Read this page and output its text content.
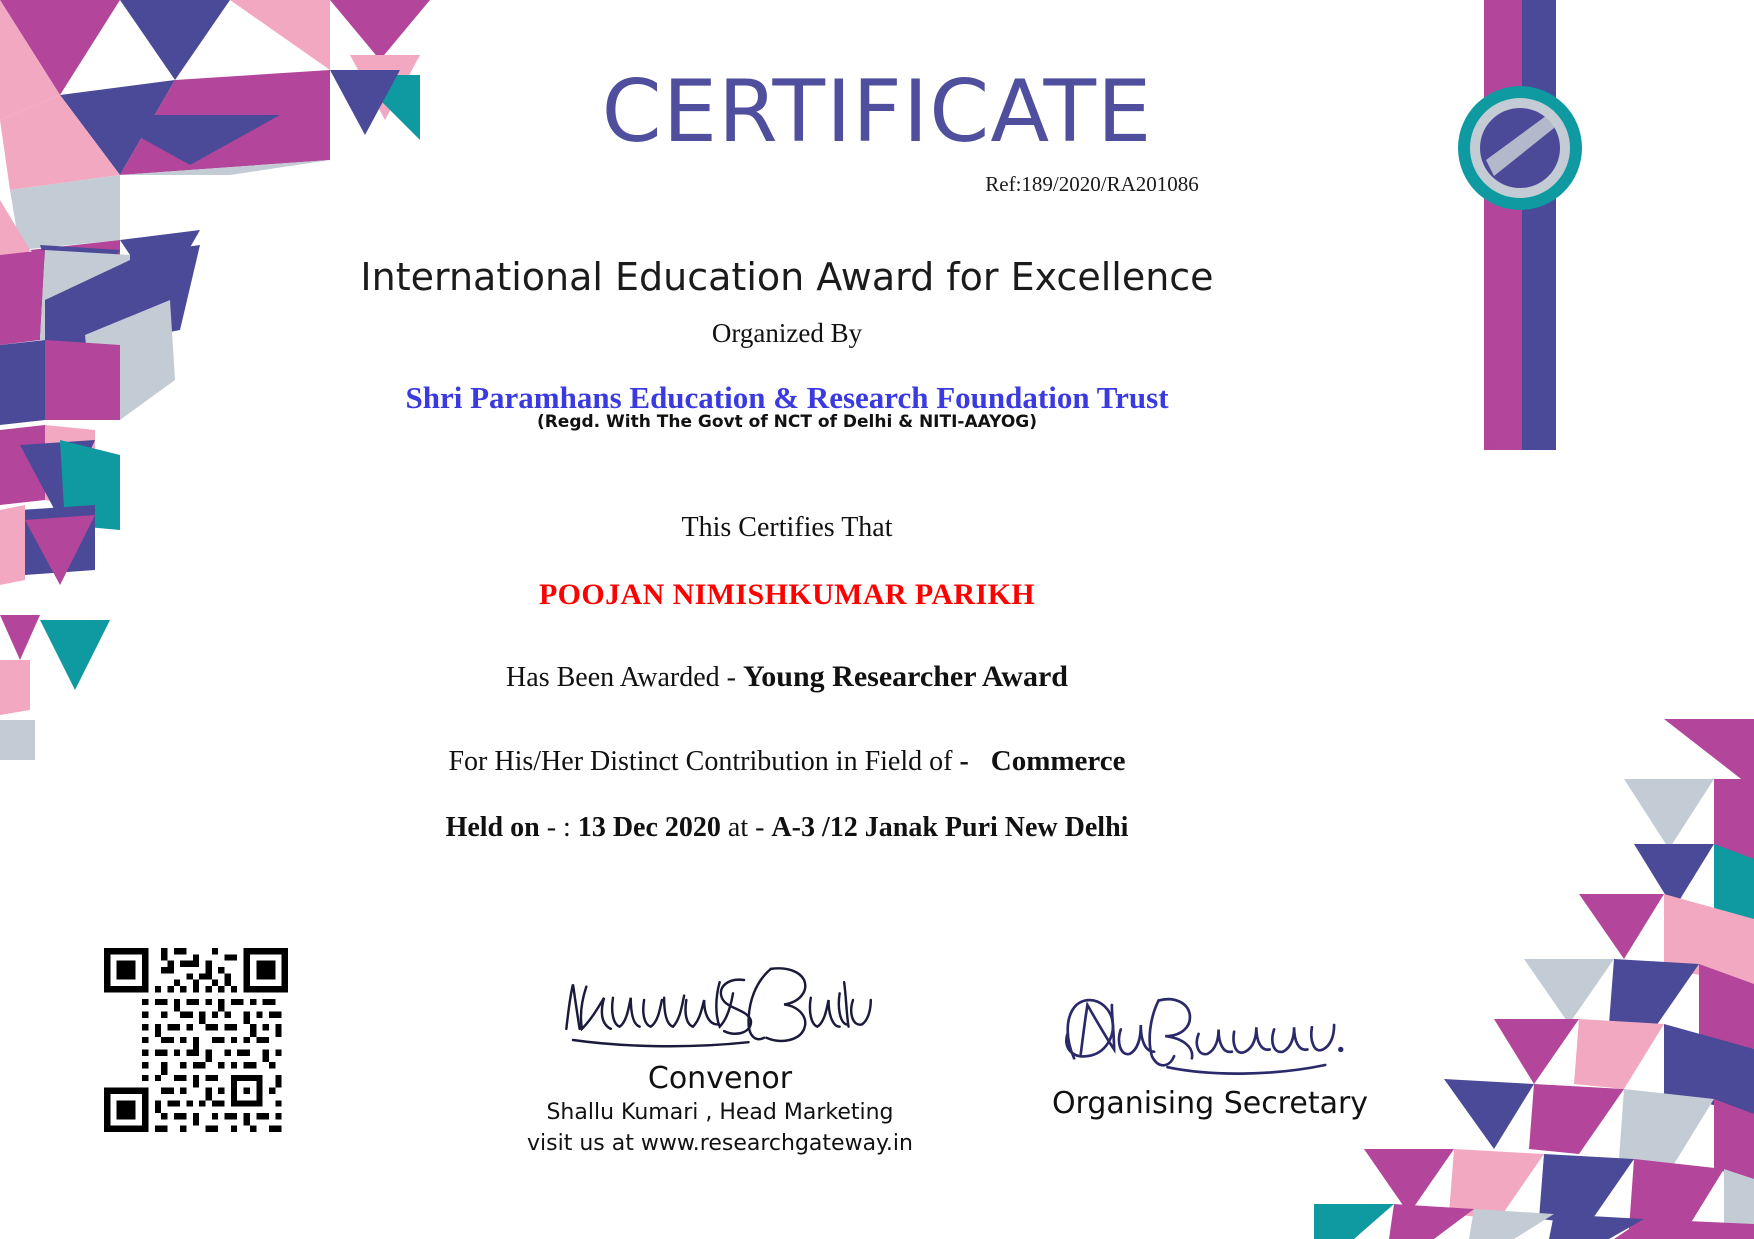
CERTIFICATE
Ref:189/2020/RA201086
International Education Award for Excellence
Organized By
Shri Paramhans Education & Research Foundation Trust
(Regd. With The Govt of NCT of Delhi & NITI-AAYOG)
This Certifies That
POOJAN NIMISHKUMAR PARIKH
Has Been Awarded - Young Researcher Award
For His/Her Distinct Contribution in Field of - Commerce
Held on - : 13 Dec 2020 at - A-3 /12 Janak Puri New Delhi
Convenor
Shallu Kumari , Head Marketing
visit us at www.researchgateway.in
Organising Secretary
